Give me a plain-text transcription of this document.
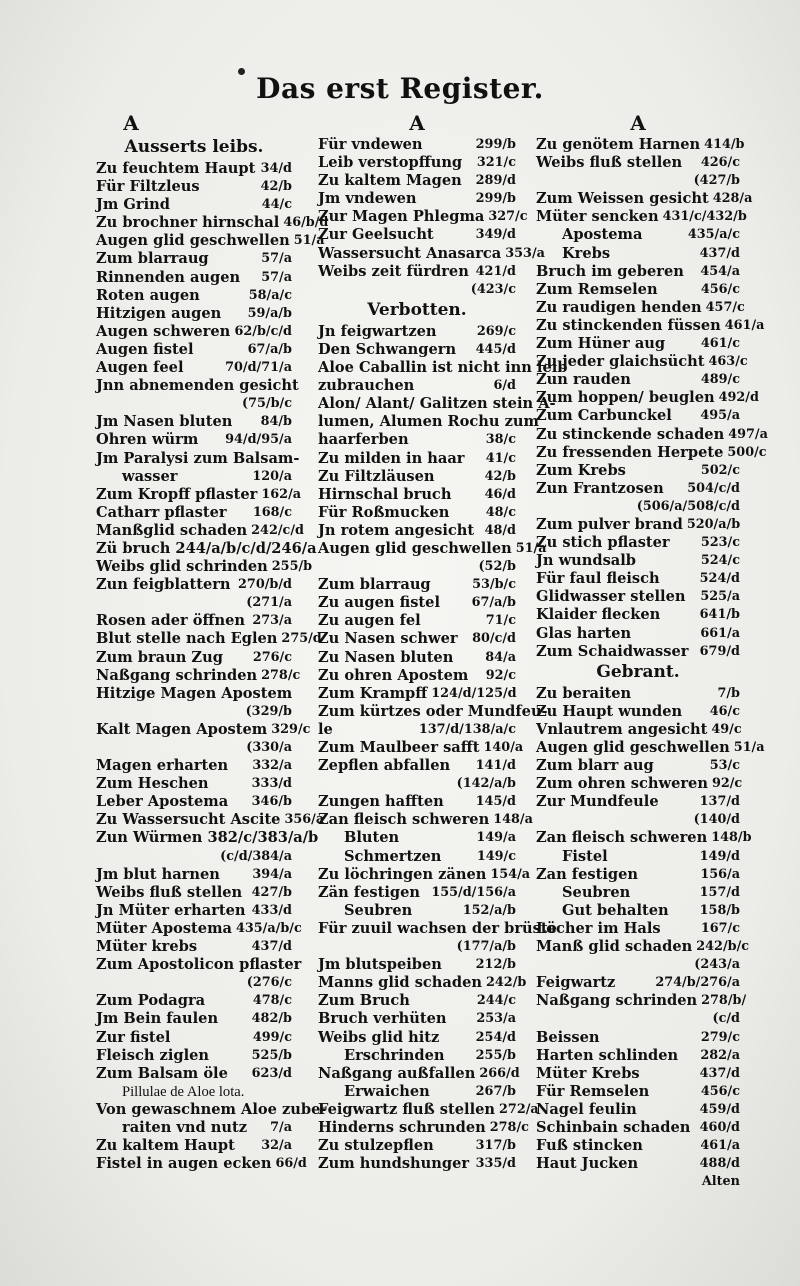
Das erst Register.
A
Ausserts leibs.
Zu feuchtem Haupt 34/d
Für Filtzleus	42/b
Jm Grind	44/c
Zu brochner hirnschal 46/b/d
Augen glid geschwellen 51/a
Zum blarraug	57/a
Rinnenden augen	57/a
Roten augen	58/a/c
Hitzigen augen	59/a/b
Augen schweren 62/b/c/d
Augen fistel	67/a/b
Augen feel	70/d/71/a
Jnn abnemenden gesicht
(75/b/c
Jm Nasen bluten	84/b
Ohren würm	94/d/95/a
Jm Paralysi zum Balsam-
wasser	120/a
Zum Kropff pflaster 162/a
Catharr pflaster	168/c
Manßglid schaden 242/c/d
Zü bruch 244/a/b/c/d/246/a
Weibs glid schrinden 255/b
Zun feigblattern 270/b/d
(271/a
Rosen ader öffnen 273/a
Blut stelle nach Eglen 275/d
Zum braun Zug	276/c
Naßgang schrinden 278/c
Hitzige Magen Apostem
(329/b
Kalt Magen Apostem 329/c
(330/a
Magen erharten	332/a
Zum Heschen	333/d
Leber Apostema	346/b
Zu Wassersucht Ascite 356/a
Zun Würmen 382/c/383/a/b
(c/d/384/a
Jm blut harnen	394/a
Weibs fluß stellen 427/b
Jn Müter erharten 433/d
Müter Apostema 435/a/b/c
Müter krebs	437/d
Zum Apostolicon pflaster
(276/c
Zum Podagra	478/c
Jm Bein faulen	482/b
Zur fistel	499/c
Fleisch ziglen	525/b
Zum Balsam öle	623/d
Pillulae de Aloe lota.
Von gewaschnem Aloe zube-
raiten vnd nutz	7/a
Zu kaltem Haupt	32/a
Fistel in augen ecken 66/d
A
Für vndewen	299/b
Leib verstopffung	321/c
Zu kaltem Magen	289/d
Jm vndewen	299/b
Zur Magen Phlegma 327/c
Zur Geelsucht	349/d
Wassersucht Anasarca 353/a
Weibs zeit fürdren 421/d
(423/c
Verbotten.
Jn feigwartzen	269/c
Den Schwangern	445/d
Aloe Caballin ist nicht inn leib
zubrauchen	6/d
Alon/ Alant/ Galitzen stein A-
lumen, Alumen Rochu zum
haarferben	38/c
Zu milden in haar	41/c
Zu Filtzläusen	42/b
Hirnschal bruch	46/d
Für Roßmucken	48/c
Jn rotem angesicht 48/d
Augen glid geschwellen 51/a
(52/b
Zum blarraug	53/b/c
Zu augen fistel	67/a/b
Zu augen fel	71/c
Zu Nasen schwer	80/c/d
Zu Nasen bluten	84/a
Zu ohren Apostem	92/c
Zum Krampff 124/d/125/d
Zum kürtzes oder Mundfeu-
le	137/d/138/a/c
Zum Maulbeer safft 140/a
Zepflen abfallen	141/d
(142/a/b
Zungen hafften	145/d
Zan fleisch schweren 148/a
Bluten	149/a
Schmertzen	149/c
Zu löchringen zänen 154/a
Zän festigen 155/d/156/a
Seubren	152/a/b
Für zuuil wachsen der brüste
(177/a/b
Jm blutspeiben	212/b
Manns glid schaden 242/b
Zum Bruch	244/c
Bruch verhüten	253/a
Weibs glid hitz	254/d
Erschrinden	255/b
Naßgang außfallen 266/d
Erwaichen	267/b
Feigwartz fluß stellen 272/a
Hinderns schrunden 278/c
Zu stulzepflen	317/b
Zum hundshunger 335/d
A
Zu genötem Harnen 414/b
Weibs fluß stellen	426/c
(427/b
Zum Weissen gesicht 428/a
Müter sencken 431/c/432/b
Apostema	435/a/c
Krebs	437/d
Bruch im geberen	454/a
Zum Remselen	456/c
Zu raudigen henden 457/c
Zu stinckenden füssen 461/a
Zum Hüner aug	461/c
Zu jeder glaichsücht 463/c
Zun rauden	489/c
Zum hoppen/ beuglen 492/d
Zum Carbunckel	495/a
Zu stinckende schaden 497/a
Zu fressenden Herpete 500/c
Zum Krebs	502/c
Zun Frantzosen	504/c/d
(506/a/508/c/d
Zum pulver brand 520/a/b
Zu stich pflaster	523/c
Jn wundsalb	524/c
Für faul fleisch	524/d
Glidwasser stellen	525/a
Klaider flecken	641/b
Glas harten	661/a
Zum Schaidwasser 679/d
Gebrant.
Zu beraiten	7/b
Zu Haupt wunden	46/c
Vnlautrem angesicht 49/c
Augen glid geschwellen 51/a
Zum blarr aug	53/c
Zum ohren schweren 92/c
Zur Mundfeule	137/d
(140/d
Zan fleisch schweren 148/b
Fistel	149/d
Zan festigen	156/a
Seubren	157/d
Gut behalten	158/b
Löcher im Hals	167/c
Manß glid schaden 242/b/c
(243/a
Feigwartz	274/b/276/a
Naßgang schrinden 278/b/
(c/d
Beissen	279/c
Harten schlinden	282/a
Müter Krebs	437/d
Für Remselen	456/c
Nagel feulin	459/d
Schinbain schaden 460/d
Fuß stincken	461/a
Haut Jucken	488/d
Alten
